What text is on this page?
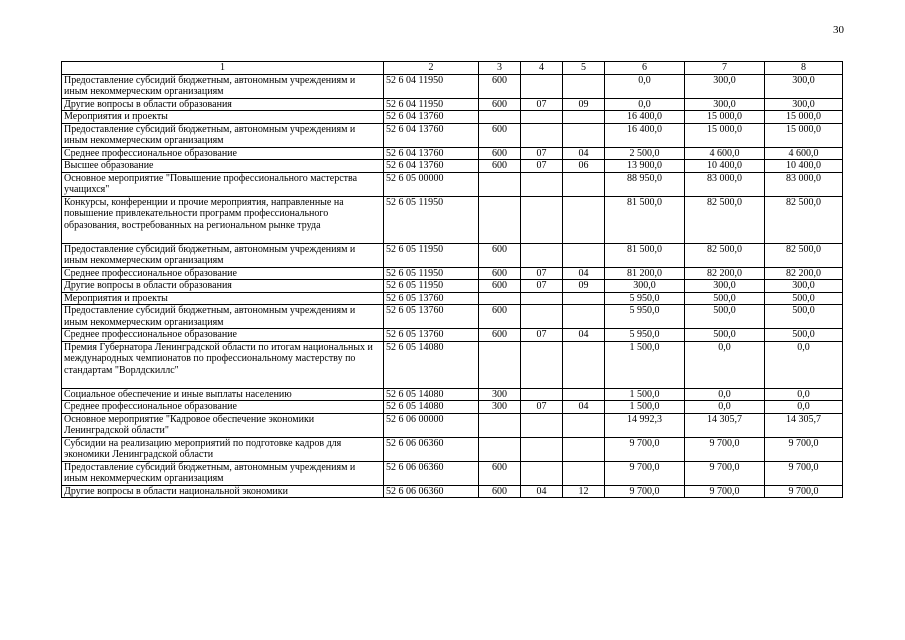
30
1	2	3	4	5	6	7	8
Предоставление субсидий бюджетным, автономным учреждениям и иным некоммерческим организациям	52 6 04 11950	600			0,0	300,0	300,0
Другие вопросы в области образования	52 6 04 11950	600	07	09	0,0	300,0	300,0
Мероприятия и проекты	52 6 04 13760				16 400,0	15 000,0	15 000,0
Предоставление субсидий бюджетным, автономным учреждениям и иным некоммерческим организациям	52 6 04 13760	600			16 400,0	15 000,0	15 000,0
Среднее профессиональное образование	52 6 04 13760	600	07	04	2 500,0	4 600,0	4 600,0
Высшее образование	52 6 04 13760	600	07	06	13 900,0	10 400,0	10 400,0
Основное мероприятие "Повышение профессионального мастерства учащихся"	52 6 05 00000				88 950,0	83 000,0	83 000,0
Конкурсы, конференции и прочие мероприятия, направленные на повышение привлекательности программ профессионального образования, востребованных на региональном рынке труда	52 6 05 11950				81 500,0	82 500,0	82 500,0
Предоставление субсидий бюджетным, автономным учреждениям и иным некоммерческим организациям	52 6 05 11950	600			81 500,0	82 500,0	82 500,0
Среднее профессиональное образование	52 6 05 11950	600	07	04	81 200,0	82 200,0	82 200,0
Другие вопросы в области образования	52 6 05 11950	600	07	09	300,0	300,0	300,0
Мероприятия и проекты	52 6 05 13760				5 950,0	500,0	500,0
Предоставление субсидий бюджетным, автономным учреждениям и иным некоммерческим организациям	52 6 05 13760	600			5 950,0	500,0	500,0
Среднее профессиональное образование	52 6 05 13760	600	07	04	5 950,0	500,0	500,0
Премия Губернатора Ленинградской области по итогам национальных и международных чемпионатов по профессиональному мастерству по стандартам "Ворлдскиллс"	52 6 05 14080				1 500,0	0,0	0,0
Социальное обеспечение и иные выплаты населению	52 6 05 14080	300			1 500,0	0,0	0,0
Среднее профессиональное образование	52 6 05 14080	300	07	04	1 500,0	0,0	0,0
Основное мероприятие "Кадровое обеспечение экономики Ленинградской области"	52 6 06 00000				14 992,3	14 305,7	14 305,7
Субсидии на реализацию мероприятий по подготовке кадров для экономики Ленинградской области	52 6 06 06360				9 700,0	9 700,0	9 700,0
Предоставление субсидий бюджетным, автономным учреждениям и иным некоммерческим организациям	52 6 06 06360	600			9 700,0	9 700,0	9 700,0
Другие вопросы в области национальной экономики	52 6 06 06360	600	04	12	9 700,0	9 700,0	9 700,0
